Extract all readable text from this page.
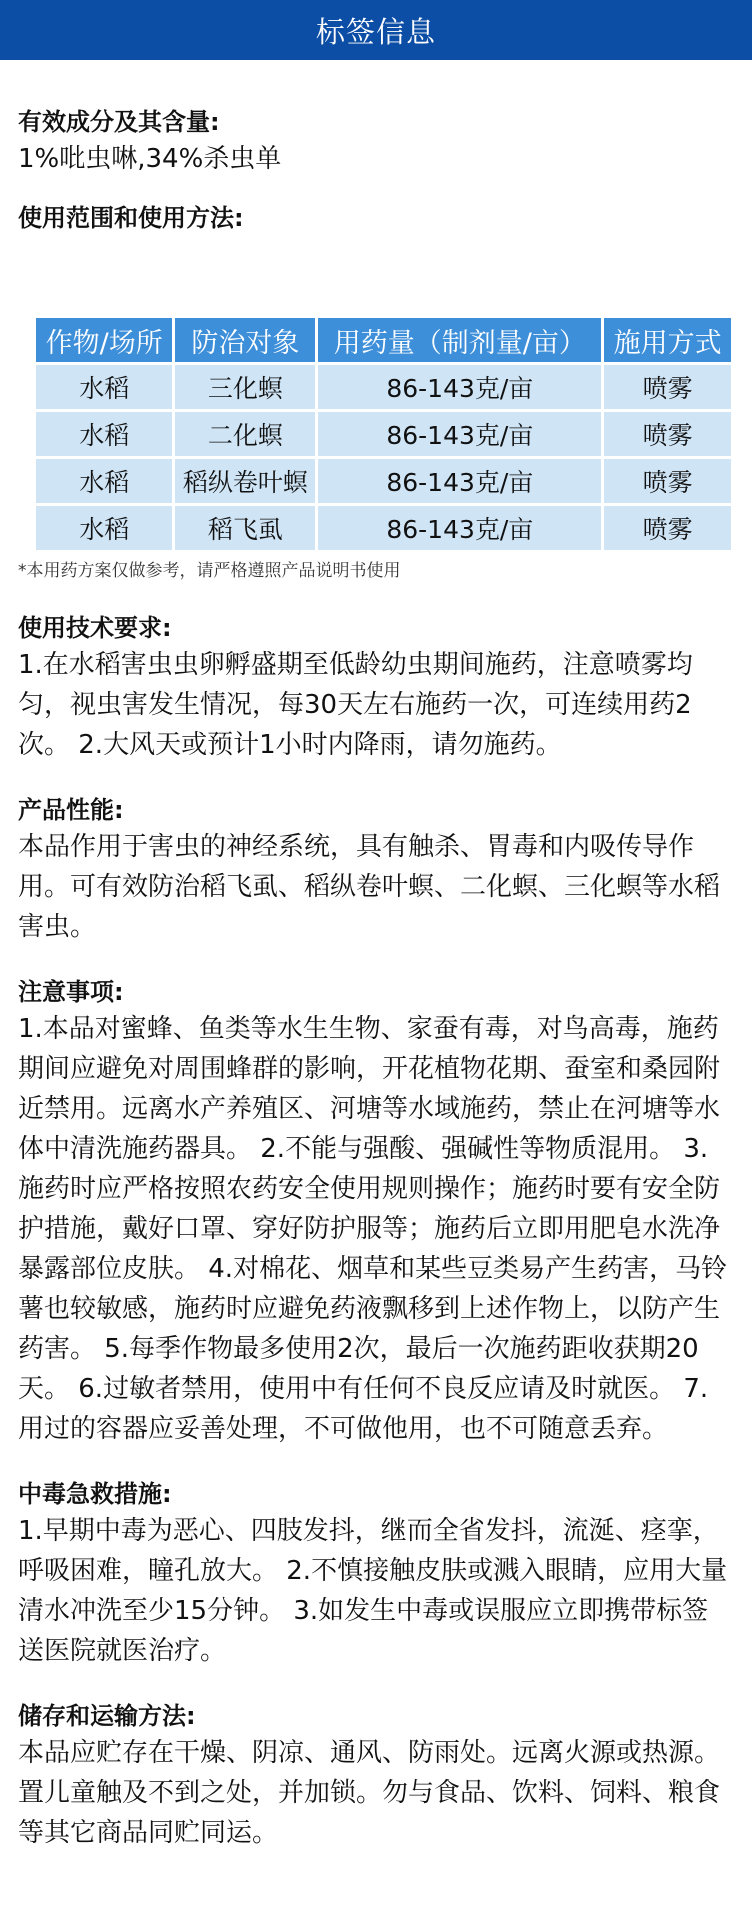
标签信息

有效成分及其含量:

1%吡虫啉,34%杀虫单

使用范围和使用方法:

作物/场所	防治对象	用药量（制剂量/亩）	施用方式
水稻	三化螟	86-143克/亩	喷雾
水稻	二化螟	86-143克/亩	喷雾
水稻	稻纵卷叶螟	86-143克/亩	喷雾
水稻	稻飞虱	86-143克/亩	喷雾

*本用药方案仅做参考，请严格遵照产品说明书使用

使用技术要求:

1.在水稻害虫虫卵孵盛期至低龄幼虫期间施药，注意喷雾均匀，视虫害发生情况，每30天左右施药一次，可连续用药2次。 2.大风天或预计1小时内降雨，请勿施药。

产品性能:

本品作用于害虫的神经系统，具有触杀、胃毒和内吸传导作用。可有效防治稻飞虱、稻纵卷叶螟、二化螟、三化螟等水稻害虫。

注意事项:

1.本品对蜜蜂、鱼类等水生生物、家蚕有毒，对鸟高毒，施药期间应避免对周围蜂群的影响，开花植物花期、蚕室和桑园附近禁用。远离水产养殖区、河塘等水域施药，禁止在河塘等水体中清洗施药器具。 2.不能与强酸、强碱性等物质混用。 3.施药时应严格按照农药安全使用规则操作；施药时要有安全防护措施，戴好口罩、穿好防护服等；施药后立即用肥皂水洗净暴露部位皮肤。 4.对棉花、烟草和某些豆类易产生药害，马铃薯也较敏感，施药时应避免药液飘移到上述作物上，以防产生药害。 5.每季作物最多使用2次，最后一次施药距收获期20天。 6.过敏者禁用，使用中有任何不良反应请及时就医。 7.用过的容器应妥善处理，不可做他用，也不可随意丢弃。

中毒急救措施:

1.早期中毒为恶心、四肢发抖，继而全省发抖，流涎、痉挛，呼吸困难，瞳孔放大。 2.不慎接触皮肤或溅入眼睛，应用大量清水冲洗至少15分钟。 3.如发生中毒或误服应立即携带标签送医院就医治疗。

储存和运输方法:

本品应贮存在干燥、阴凉、通风、防雨处。远离火源或热源。置儿童触及不到之处，并加锁。勿与食品、饮料、饲料、粮食等其它商品同贮同运。
